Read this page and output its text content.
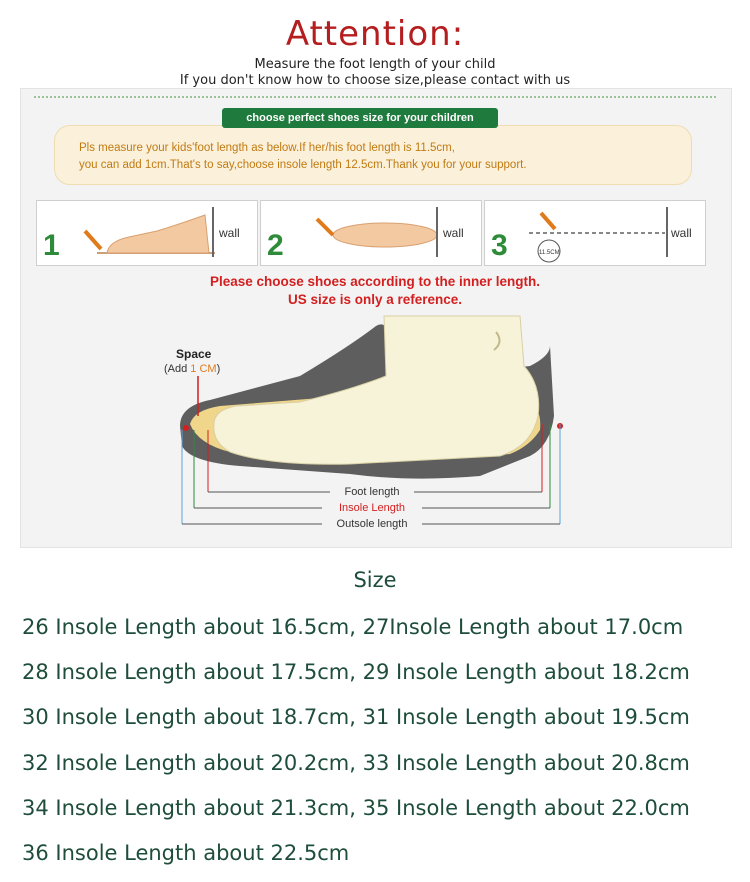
Attention:
Measure the foot length of your child
If you don't know how to choose size,please contact with us

Pls measure your kids'foot length as below.If her/his foot length is 11.5cm,

you can add 1cm.That's to say,choose insole length 12.5cm.Thank you for your support.

choose perfect shoes size for your children
1	wall 2	wall 3	11.5CM
wall
Please choose shoes according to the inner length.
US size is only a reference.
Space
(Add 1 CM)
Foot length
Insole Length
Outsole length
Size
26 Insole Length about 16.5cm, 27Insole Length about 17.0cm
28 Insole Length about 17.5cm, 29 Insole Length about 18.2cm
30 Insole Length about 18.7cm, 31 Insole Length about 19.5cm
32 Insole Length about 20.2cm, 33 Insole Length about 20.8cm
34 Insole Length about 21.3cm, 35 Insole Length about 22.0cm
36 Insole Length about 22.5cm
